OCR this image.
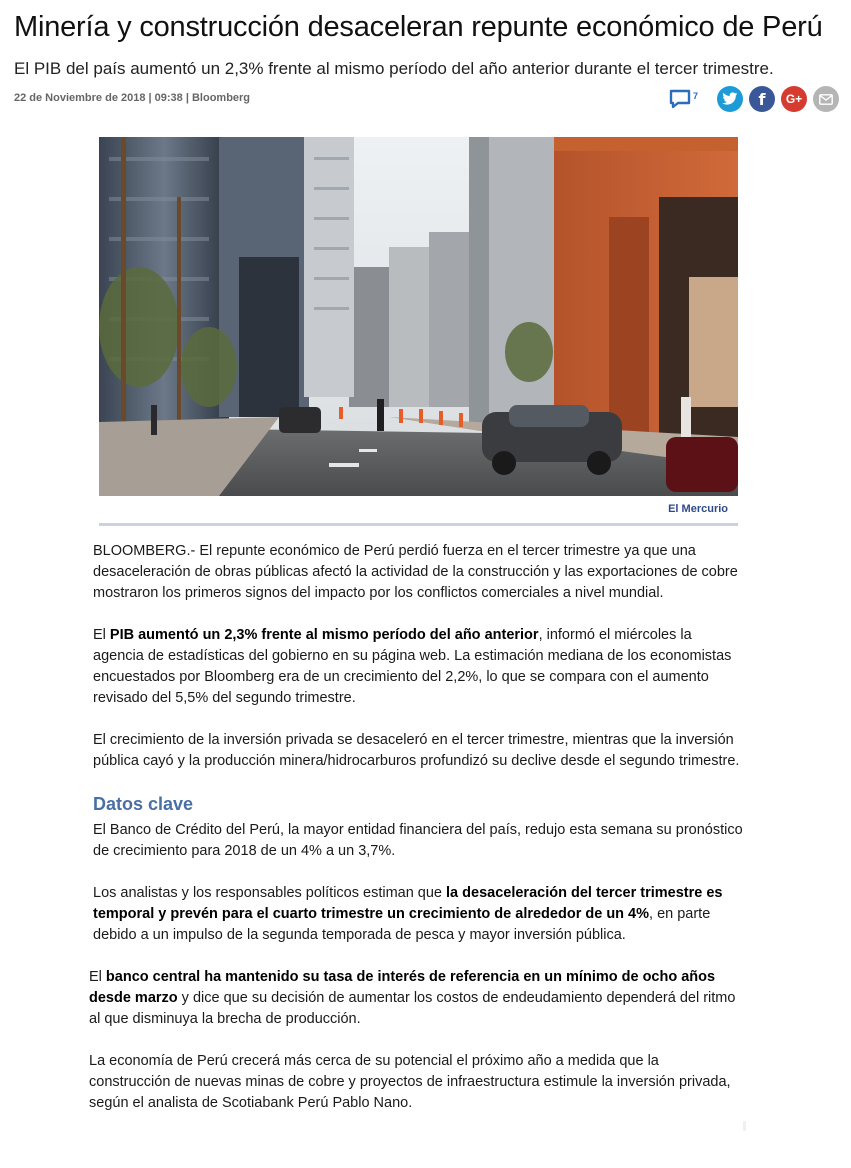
Minería y construcción desaceleran repunte económico de Perú

El PIB del país aumentó un 2,3% frente al mismo período del año anterior durante el tercer trimestre.

22 de Noviembre de 2018 | 09:38 | Bloomberg	7	f G+
El Mercurio

BLOOMBERG.- El repunte económico de Perú perdió fuerza en el tercer trimestre ya que una desaceleración de obras públicas afectó la actividad de la construcción y las exportaciones de cobre mostraron los primeros signos del impacto por los conflictos comerciales a nivel mundial.

El PIB aumentó un 2,3% frente al mismo período del año anterior, informó el miércoles la agencia de estadísticas del gobierno en su página web. La estimación mediana de los economistas encuestados por Bloomberg era de un crecimiento del 2,2%, lo que se compara con el aumento revisado del 5,5% del segundo trimestre.

El crecimiento de la inversión privada se desaceleró en el tercer trimestre, mientras que la inversión pública cayó y la producción minera/hidrocarburos profundizó su declive desde el segundo trimestre.

Datos clave

El Banco de Crédito del Perú, la mayor entidad financiera del país, redujo esta semana su pronóstico de crecimiento para 2018 de un 4% a un 3,7%.

Los analistas y los responsables políticos estiman que la desaceleración del tercer trimestre es temporal y prevén para el cuarto trimestre un crecimiento de alrededor de un 4%, en parte debido a un impulso de la segunda temporada de pesca y mayor inversión pública.

El banco central ha mantenido su tasa de interés de referencia en un mínimo de ocho años desde marzo y dice que su decisión de aumentar los costos de endeudamiento dependerá del ritmo al que disminuya la brecha de producción.

La economía de Perú crecerá más cerca de su potencial el próximo año a medida que la construcción de nuevas minas de cobre y proyectos de infraestructura estimule la inversión privada, según el analista de Scotiabank Perú Pablo Nano.
